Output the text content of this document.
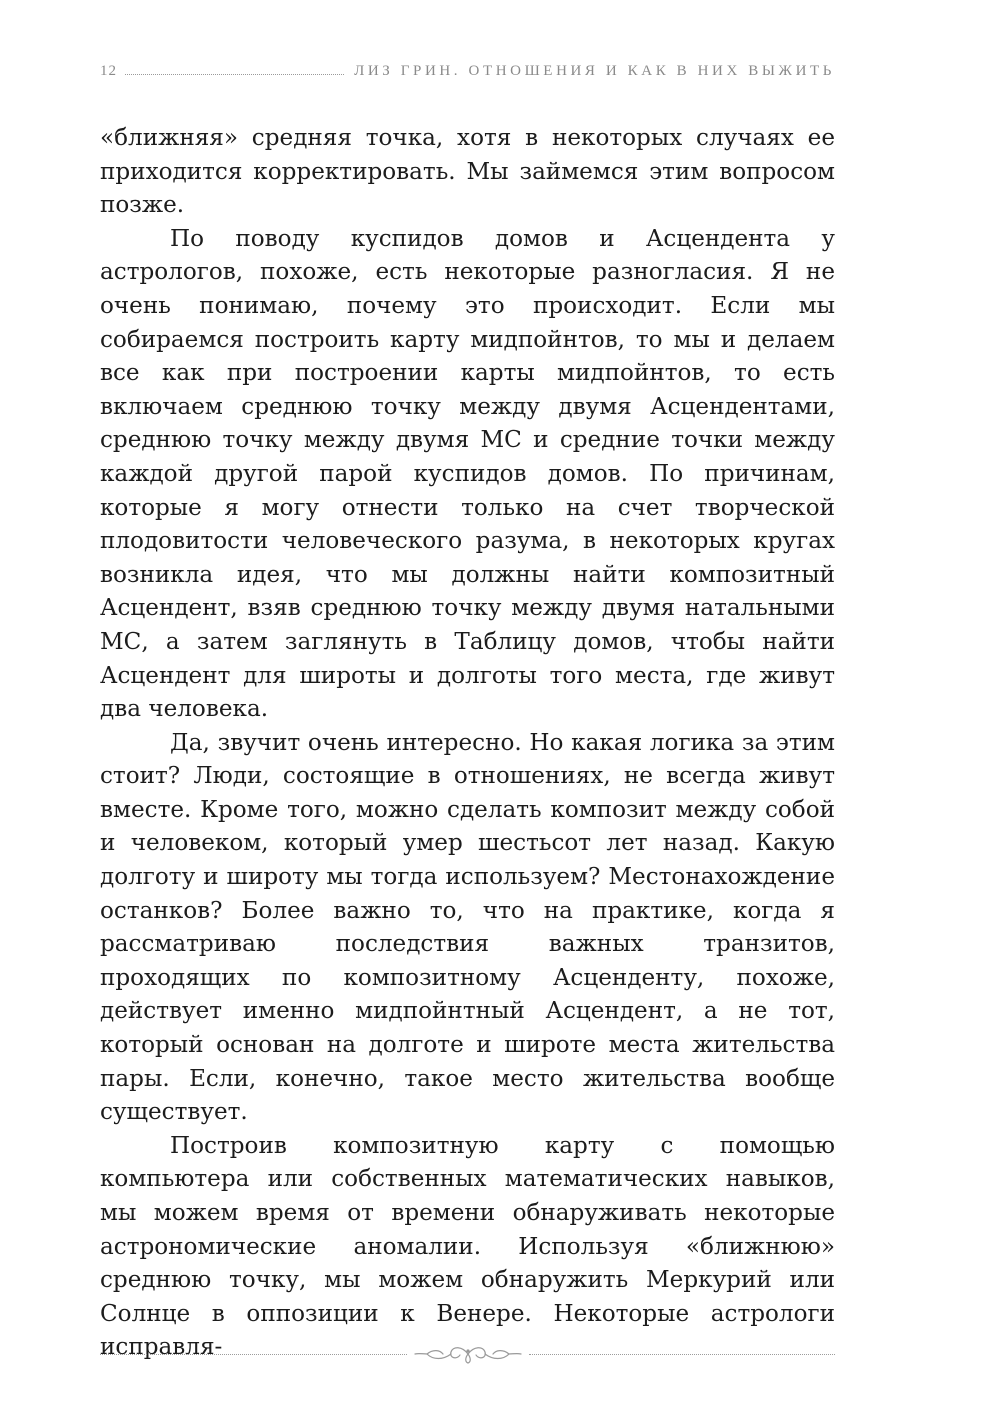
12	ЛИЗ ГРИН. ОТНОШЕНИЯ И КАК В НИХ ВЫЖИТЬ

«ближняя» средняя точка, хотя в некоторых случаях ее приходится корректировать. Мы займемся этим вопросом позже.

По поводу куспидов домов и Асцендента у астрологов, похоже, есть некоторые разногласия. Я не очень понимаю, почему это происходит. Если мы собираемся построить карту мидпойнтов, то мы и делаем все как при построении карты мидпойнтов, то есть включаем среднюю точку между двумя Асцендентами, среднюю точку между двумя МС и средние точки между каждой другой парой куспидов домов. По причинам, которые я могу отнести только на счет творческой плодовитости человеческого разума, в некоторых кругах возникла идея, что мы должны найти композитный Асцендент, взяв среднюю точку между двумя натальными МС, а затем заглянуть в Таблицу домов, чтобы найти Асцендент для широты и долготы того места, где живут два человека.

Да, звучит очень интересно. Но какая логика за этим стоит? Люди, состоящие в отношениях, не всегда живут вместе. Кроме того, можно сделать композит между собой и человеком, который умер шестьсот лет назад. Какую долготу и широту мы тогда используем? Местонахождение останков? Более важно то, что на практике, когда я рассматриваю последствия важных транзитов, проходящих по композитному Асценденту, похоже, действует именно мидпойнтный Асцендент, а не тот, который основан на долготе и широте места жительства пары. Если, конечно, такое место жительства вообще существует.

Построив композитную карту с помощью компьютера или собственных математических навыков, мы можем время от времени обнаруживать некоторые астрономические аномалии. Используя «ближнюю» среднюю точку, мы можем обнаружить Меркурий или Солнце в оппозиции к Венере. Некоторые астрологи исправля-
